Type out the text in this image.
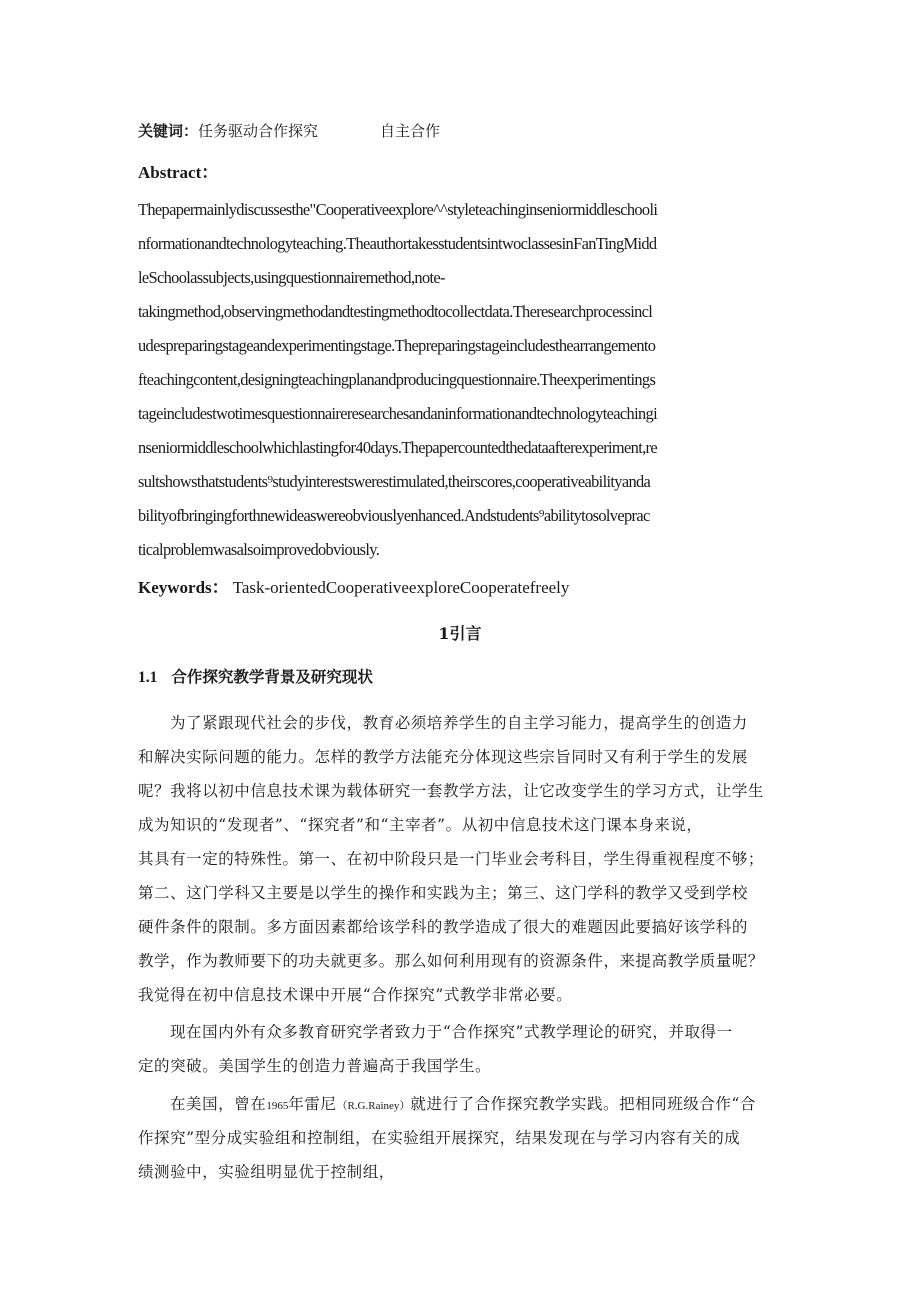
关键词：任务驱动合作探究	自主合作
Abstract：
Thepapermainlydiscussesthe"Cooperativeexplore^^styleteachinginseniormiddleschooli
nformationandtechnologyteaching.TheauthortakesstudentsintwoclassesinFanTingMidd
leSchoolassubjects,usingquestionnairemethod,note-
takingmethod,observingmethodandtestingmethodtocollectdata.Theresearchprocessincl
udespreparingstageandexperimentingstage.Thepreparingstageincludesthearrangemento
fteachingcontent,designingteachingplanandproducingquestionnaire.Theexperimentings
tageincludestwotimesquestionnaireresearchesandaninformationandtechnologyteachingi
nseniormiddleschoolwhichlastingfor40days.Thepapercountedthedataafterexperiment,re
sultshowsthatstudents⁹studyinterestswerestimulated,theirscores,cooperativeabilityanda
bilityofbringingforthnewideaswereobviouslyenhanced.Andstudents⁹abilitytosolveprac
ticalproblemwasalsoimprovedobviously.
Keywords： Task-orientedCooperativeexploreCooperatefreely
1引言
1.1 合作探究教学背景及研究现状
为了紧跟现代社会的步伐，教育必须培养学生的自主学习能力，提高学生的创造力
和解决实际问题的能力。怎样的教学方法能充分体现这些宗旨同时又有利于学生的发展
呢？我将以初中信息技术课为载体研究一套教学方法，让它改变学生的学习方式，让学生
成为知识的“发现者”、“探究者”和“主宰者”。从初中信息技术这门课本身来说，
其具有一定的特殊性。第一、在初中阶段只是一门毕业会考科目，学生得重视程度不够；
第二、这门学科又主要是以学生的操作和实践为主；第三、这门学科的教学又受到学校
硬件条件的限制。多方面因素都给该学科的教学造成了很大的难题因此要搞好该学科的
教学，作为教师要下的功夫就更多。那么如何利用现有的资源条件，来提高教学质量呢？
我觉得在初中信息技术课中开展“合作探究”式教学非常必要。
现在国内外有众多教育研究学者致力于“合作探究”式教学理论的研究，并取得一
定的突破。美国学生的创造力普遍高于我国学生。
在美国，曾在1965年雷尼（R.G.Rainey）就进行了合作探究教学实践。把相同班级合作“合
作探究”型分成实验组和控制组，在实验组开展探究，结果发现在与学习内容有关的成
绩测验中，实验组明显优于控制组，
